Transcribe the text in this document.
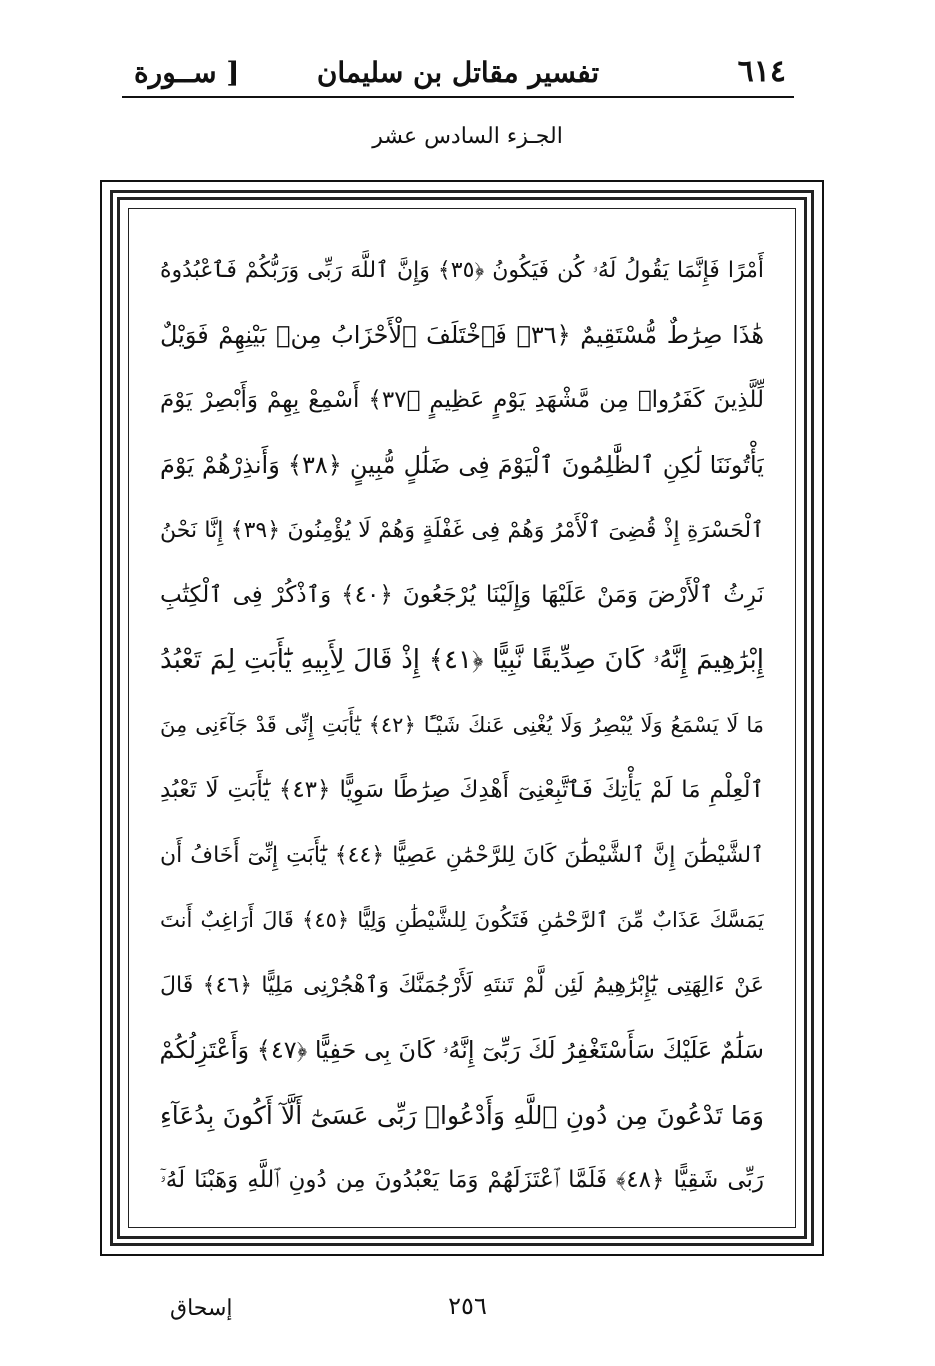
٦١٤
تفسير مقاتل بن سليمان
[ ســورة
الجـزء السادس عشر
أَمْرًا فَإِنَّمَا يَقُولُ لَهُۥ كُن فَيَكُونُ ﴿٣٥﴾ وَإِنَّ ٱللَّهَ رَبِّى وَرَبُّكُمْ فَٱعْبُدُوهُ
هَٰذَا صِرَٰطٌ مُّسْتَقِيمٌ ﴿٣٦﴾ فَٱخْتَلَفَ ٱلْأَحْزَابُ مِنۢ بَيْنِهِمْ فَوَيْلٌ
لِّلَّذِينَ كَفَرُوا۟ مِن مَّشْهَدِ يَوْمٍ عَظِيمٍ ﴿٣٧﴾ أَسْمِعْ بِهِمْ وَأَبْصِرْ يَوْمَ
يَأْتُونَنَا لَٰكِنِ ٱلظَّٰلِمُونَ ٱلْيَوْمَ فِى ضَلَٰلٍ مُّبِينٍ ﴿٣٨﴾ وَأَنذِرْهُمْ يَوْمَ
ٱلْحَسْرَةِ إِذْ قُضِىَ ٱلْأَمْرُ وَهُمْ فِى غَفْلَةٍ وَهُمْ لَا يُؤْمِنُونَ ﴿٣٩﴾ إِنَّا نَحْنُ
نَرِثُ ٱلْأَرْضَ وَمَنْ عَلَيْهَا وَإِلَيْنَا يُرْجَعُونَ ﴿٤٠﴾ وَٱذْكُرْ فِى ٱلْكِتَٰبِ
إِبْرَٰهِيمَ إِنَّهُۥ كَانَ صِدِّيقًا نَّبِيًّا ﴿٤١﴾ إِذْ قَالَ لِأَبِيهِ يَٰٓأَبَتِ لِمَ تَعْبُدُ
مَا لَا يَسْمَعُ وَلَا يُبْصِرُ وَلَا يُغْنِى عَنكَ شَيْـًٔا ﴿٤٢﴾ يَٰٓأَبَتِ إِنِّى قَدْ جَآءَنِى مِنَ
ٱلْعِلْمِ مَا لَمْ يَأْتِكَ فَٱتَّبِعْنِىٓ أَهْدِكَ صِرَٰطًا سَوِيًّا ﴿٤٣﴾ يَٰٓأَبَتِ لَا تَعْبُدِ
ٱلشَّيْطَٰنَ إِنَّ ٱلشَّيْطَٰنَ كَانَ لِلرَّحْمَٰنِ عَصِيًّا ﴿٤٤﴾ يَٰٓأَبَتِ إِنِّىٓ أَخَافُ أَن
يَمَسَّكَ عَذَابٌ مِّنَ ٱلرَّحْمَٰنِ فَتَكُونَ لِلشَّيْطَٰنِ وَلِيًّا ﴿٤٥﴾ قَالَ أَرَاغِبٌ أَنتَ
عَنْ ءَالِهَتِى يَٰٓإِبْرَٰهِيمُ لَئِن لَّمْ تَنتَهِ لَأَرْجُمَنَّكَ وَٱهْجُرْنِى مَلِيًّا ﴿٤٦﴾ قَالَ
سَلَٰمٌ عَلَيْكَ سَأَسْتَغْفِرُ لَكَ رَبِّىٓ إِنَّهُۥ كَانَ بِى حَفِيًّا ﴿٤٧﴾ وَأَعْتَزِلُكُمْ
وَمَا تَدْعُونَ مِن دُونِ ٱللَّهِ وَأَدْعُوا۟ رَبِّى عَسَىٰٓ أَلَّآ أَكُونَ بِدُعَآءِ
رَبِّى شَقِيًّا ﴿٤٨﴾ فَلَمَّا ٱعْتَزَلَهُمْ وَمَا يَعْبُدُونَ مِن دُونِ ٱللَّهِ وَهَبْنَا لَهُۥٓ
٢٥٦
إسحاق
